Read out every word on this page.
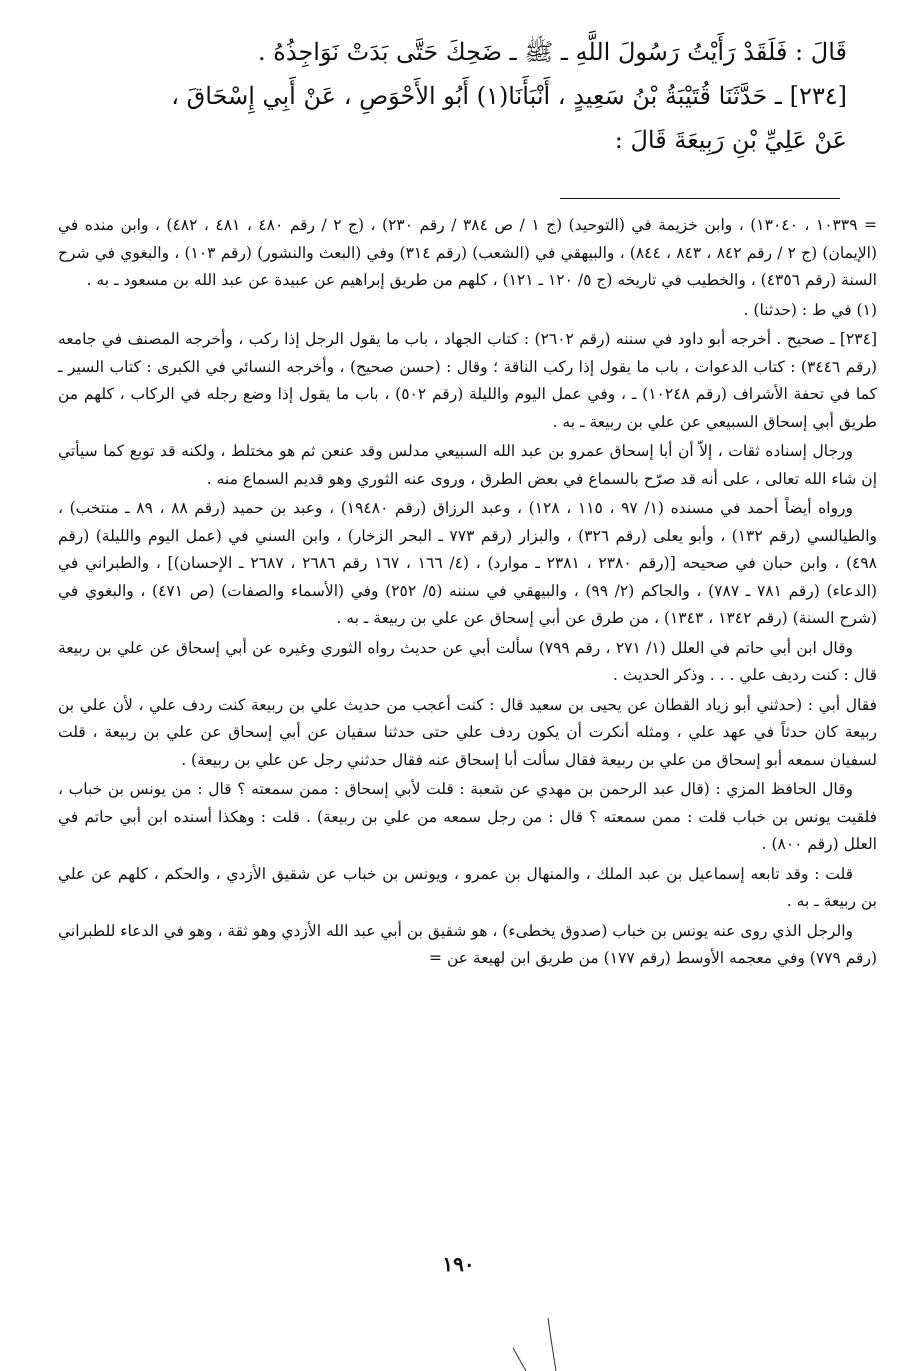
قَالَ : فَلَقَدْ رَأَيْتُ رَسُولَ اللَّهِ ـ ﷺ ـ ضَحِكَ حَتَّى بَدَتْ نَوَاجِذُهُ .
[٢٣٤] ـ حَدَّثَنَا قُتَيْبَةُ بْنُ سَعِيدٍ ، أَنْبَأَنَا(١) أَبُو الأَحْوَصِ ، عَنْ أَبِي إِسْحَاقَ ،
عَنْ عَلِيِّ بْنِ رَبِيعَةَ قَالَ :

= ١٠٣٣٩ ، ١٣٠٤٠) ، وابن خزيمة في (التوحيد) (ج ١ / ص ٣٨٤ / رقم ٢٣٠) ، (ج ٢ / رقم ٤٨٠ ، ٤٨١ ، ٤٨٢) ، وابن منده في (الإيمان) (ج ٢ / رقم ٨٤٢ ، ٨٤٣ ، ٨٤٤) ، والبيهقي في (الشعب) (رقم ٣١٤) وفي (البعث والنشور) (رقم ١٠٣) ، والبغوي في شرح السنة (رقم ٤٣٥٦) ، والخطيب في تاريخه (ج ٥/ ١٢٠ ـ ١٢١) ، كلهم من طريق إبراهيم عن عبيدة عن عبد الله بن مسعود ـ به .

(١) في ط : (حدثنا) .

[٢٣٤] ـ صحيح . أخرجه أبو داود في سننه (رقم ٢٦٠٢) : كتاب الجهاد ، باب ما يقول الرجل إذا ركب ، وأخرجه المصنف في جامعه (رقم ٣٤٤٦) : كتاب الدعوات ، باب ما يقول إذا ركب الناقة ؛ وقال : (حسن صحيح) ، وأخرجه النسائي في الكبرى : كتاب السير ـ كما في تحفة الأشراف (رقم ١٠٢٤٨) ـ ، وفي عمل اليوم والليلة (رقم ٥٠٢) ، باب ما يقول إذا وضع رجله في الركاب ، كلهم من طريق أبي إسحاق السبيعي عن علي بن ربيعة ـ به .

ورجال إسناده ثقات ، إلاّ أن أبا إسحاق عمرو بن عبد الله السبيعي مدلس وقد عنعن ثم هو مختلط ، ولكنه قد توبع كما سيأتي إن شاء الله تعالى ، على أنه قد صرّح بالسماع في بعض الطرق ، وروى عنه الثوري وهو قديم السماع منه .

ورواه أيضاً أحمد في مسنده (١/ ٩٧ ، ١١٥ ، ١٢٨) ، وعبد الرزاق (رقم ١٩٤٨٠) ، وعبد بن حميد (رقم ٨٨ ، ٨٩ ـ منتخب) ، والطيالسي (رقم ١٣٢) ، وأبو يعلى (رقم ٣٢٦) ، والبزار (رقم ٧٧٣ ـ البحر الزخار) ، وابن السني في (عمل اليوم والليلة) (رقم ٤٩٨) ، وابن حبان في صحيحه [(رقم ٢٣٨٠ ، ٢٣٨١ ـ موارد) ، (٤/ ١٦٦ ، ١٦٧ رقم ٢٦٨٦ ، ٢٦٨٧ ـ الإحسان)] ، والطبراني في (الدعاء) (رقم ٧٨١ ـ ٧٨٧) ، والحاكم (٢/ ٩٩) ، والبيهقي في سننه (٥/ ٢٥٢) وفي (الأسماء والصفات) (ص ٤٧١) ، والبغوي في (شرح السنة) (رقم ١٣٤٢ ، ١٣٤٣) ، من طرق عن أبي إسحاق عن علي بن ربيعة ـ به .

وقال ابن أبي حاتم في العلل (١/ ٢٧١ ، رقم ٧٩٩) سألت أبي عن حديث رواه الثوري وغيره عن أبي إسحاق عن علي بن ربيعة قال : كنت رديف علي . . . وذكر الحديث .

فقال أبي : (حدثني أبو زياد القطان عن يحيى بن سعيد قال : كنت أعجب من حديث علي بن ربيعة كنت ردف علي ، لأن علي بن ربيعة كان حدثاً في عهد علي ، ومثله أنكرت أن يكون ردف علي حتى حدثنا سفيان عن أبي إسحاق عن علي بن ربيعة ، قلت لسفيان سمعه أبو إسحاق من علي بن ربيعة فقال سألت أبا إسحاق عنه فقال حدثني رجل عن علي بن ربيعة) .

وقال الحافظ المزي : (قال عبد الرحمن بن مهدي عن شعبة : قلت لأبي إسحاق : ممن سمعته ؟ قال : من يونس بن خباب ، فلقيت يونس بن خباب قلت : ممن سمعته ؟ قال : من رجل سمعه من علي بن ربيعة) . قلت : وهكذا أسنده ابن أبي حاتم في العلل (رقم ٨٠٠) .

قلت : وقد تابعه إسماعيل بن عبد الملك ، والمنهال بن عمرو ، ويونس بن خباب عن شقيق الأزدي ، والحكم ، كلهم عن علي بن ربيعة ـ به .

والرجل الذي روى عنه يونس بن خباب (صدوق يخطىء) ، هو شقيق بن أبي عبد الله الأزدي وهو ثقة ، وهو في الدعاء للطبراني (رقم ٧٧٩) وفي معجمه الأوسط (رقم ١٧٧) من طريق ابن لهيعة عن =

١٩٠
